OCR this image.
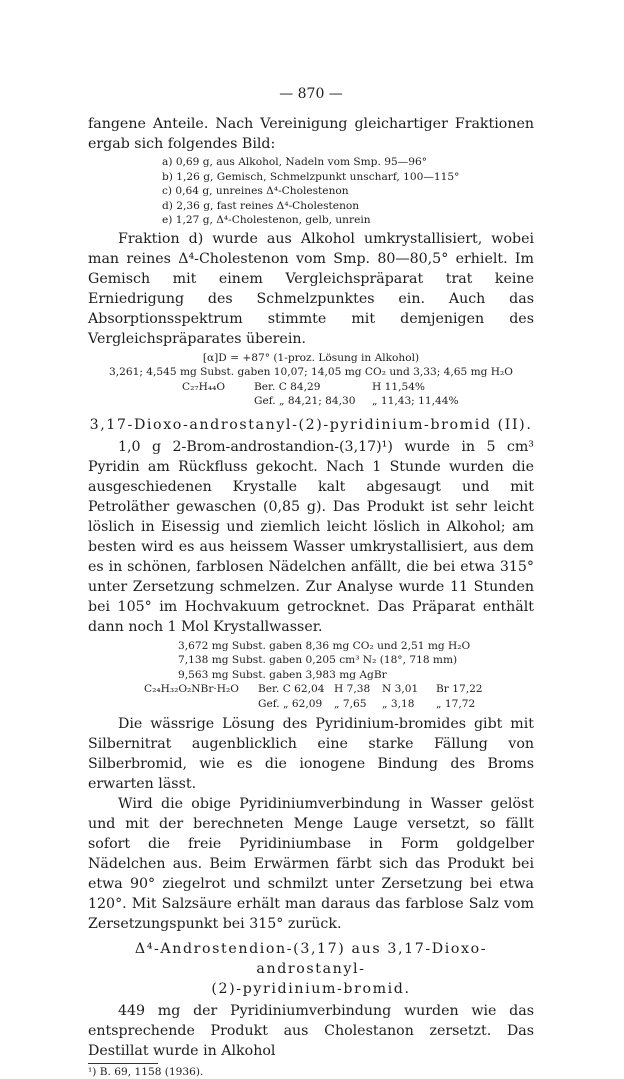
— 870 —

fangene Anteile. Nach Vereinigung gleichartiger Fraktionen ergab sich folgendes Bild:

a) 0,69 g, aus Alkohol, Nadeln vom Smp. 95—96°
b) 1,26 g, Gemisch, Schmelzpunkt unscharf, 100—115°
c) 0,64 g, unreines Δ⁴-Cholestenon
d) 2,36 g, fast reines Δ⁴-Cholestenon
e) 1,27 g, Δ⁴-Cholestenon, gelb, unrein

Fraktion d) wurde aus Alkohol umkrystallisiert, wobei man reines Δ⁴-Cholestenon vom Smp. 80—80,5° erhielt. Im Gemisch mit einem Vergleichspräparat trat keine Erniedrigung des Schmelzpunktes ein. Auch das Absorptionsspektrum stimmte mit demjenigen des Vergleichspräparates überein.

[α]D = +87° (1-proz. Lösung in Alkohol)
3,261; 4,545 mg Subst. gaben 10,07; 14,05 mg CO₂ und 3,33; 4,65 mg H₂O
C₂₇H₄₄O	Ber. C 84,29	H 11,54%
Gef. „ 84,21; 84,30	„ 11,43; 11,44%
3,17-Dioxo-androstanyl-(2)-pyridinium-bromid (II).

1,0 g 2-Brom-androstandion-(3,17)¹) wurde in 5 cm³ Pyridin am Rückfluss gekocht. Nach 1 Stunde wurden die ausgeschiedenen Krystalle kalt abgesaugt und mit Petroläther gewaschen (0,85 g). Das Produkt ist sehr leicht löslich in Eisessig und ziemlich leicht löslich in Alkohol; am besten wird es aus heissem Wasser umkrystallisiert, aus dem es in schönen, farblosen Nädelchen anfällt, die bei etwa 315° unter Zersetzung schmelzen. Zur Analyse wurde 11 Stunden bei 105° im Hochvakuum getrocknet. Das Präparat enthält dann noch 1 Mol Krystallwasser.

3,672 mg Subst. gaben 8,36 mg CO₂ und 2,51 mg H₂O
7,138 mg Subst. gaben 0,205 cm³ N₂ (18°, 718 mm)
9,563 mg Subst. gaben 3,983 mg AgBr
C₂₄H₃₂O₂NBr·H₂O	Ber. C 62,04 H 7,38	N 3,01	Br 17,22
Gef. „ 62,09	„ 7,65	„ 3,18	„ 17,72

Die wässrige Lösung des Pyridinium-bromides gibt mit Silbernitrat augenblicklich eine starke Fällung von Silberbromid, wie es die ionogene Bindung des Broms erwarten lässt.

Wird die obige Pyridiniumverbindung in Wasser gelöst und mit der berechneten Menge Lauge versetzt, so fällt sofort die freie Pyridiniumbase in Form goldgelber Nädelchen aus. Beim Erwärmen färbt sich das Produkt bei etwa 90° ziegelrot und schmilzt unter Zersetzung bei etwa 120°. Mit Salzsäure erhält man daraus das farblose Salz vom Zersetzungspunkt bei 315° zurück.

Δ⁴-Androstendion-(3,17) aus 3,17-Dioxo-androstanyl-
(2)-pyridinium-bromid.

449 mg der Pyridiniumverbindung wurden wie das entsprechende Produkt aus Cholestanon zersetzt. Das Destillat wurde in Alkohol

¹) B. 69, 1158 (1936).
